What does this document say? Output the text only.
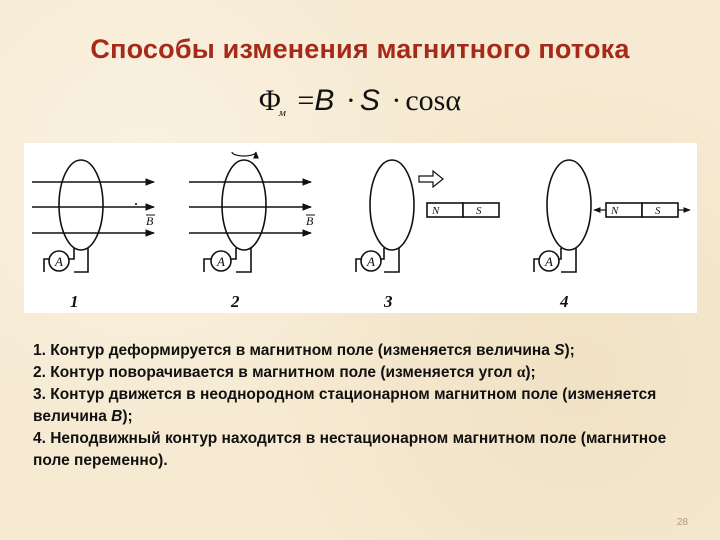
Способы изменения магнитного потока
$\Phi_м =B \cdot S \cdot \cos\alpha$
A
B
1
A
B
2
A
N	S
3
A
N	S
4

1. Контур деформируется в магнитном поле (изменяется величина S);

2. Контур поворачивается в магнитном поле (изменяется угол α);

3. Контур движется в неоднородном стационарном магнитном поле (изменяется величина B);

4. Неподвижный контур находится в нестационарном магнитном поле (магнитное поле переменно).

28
